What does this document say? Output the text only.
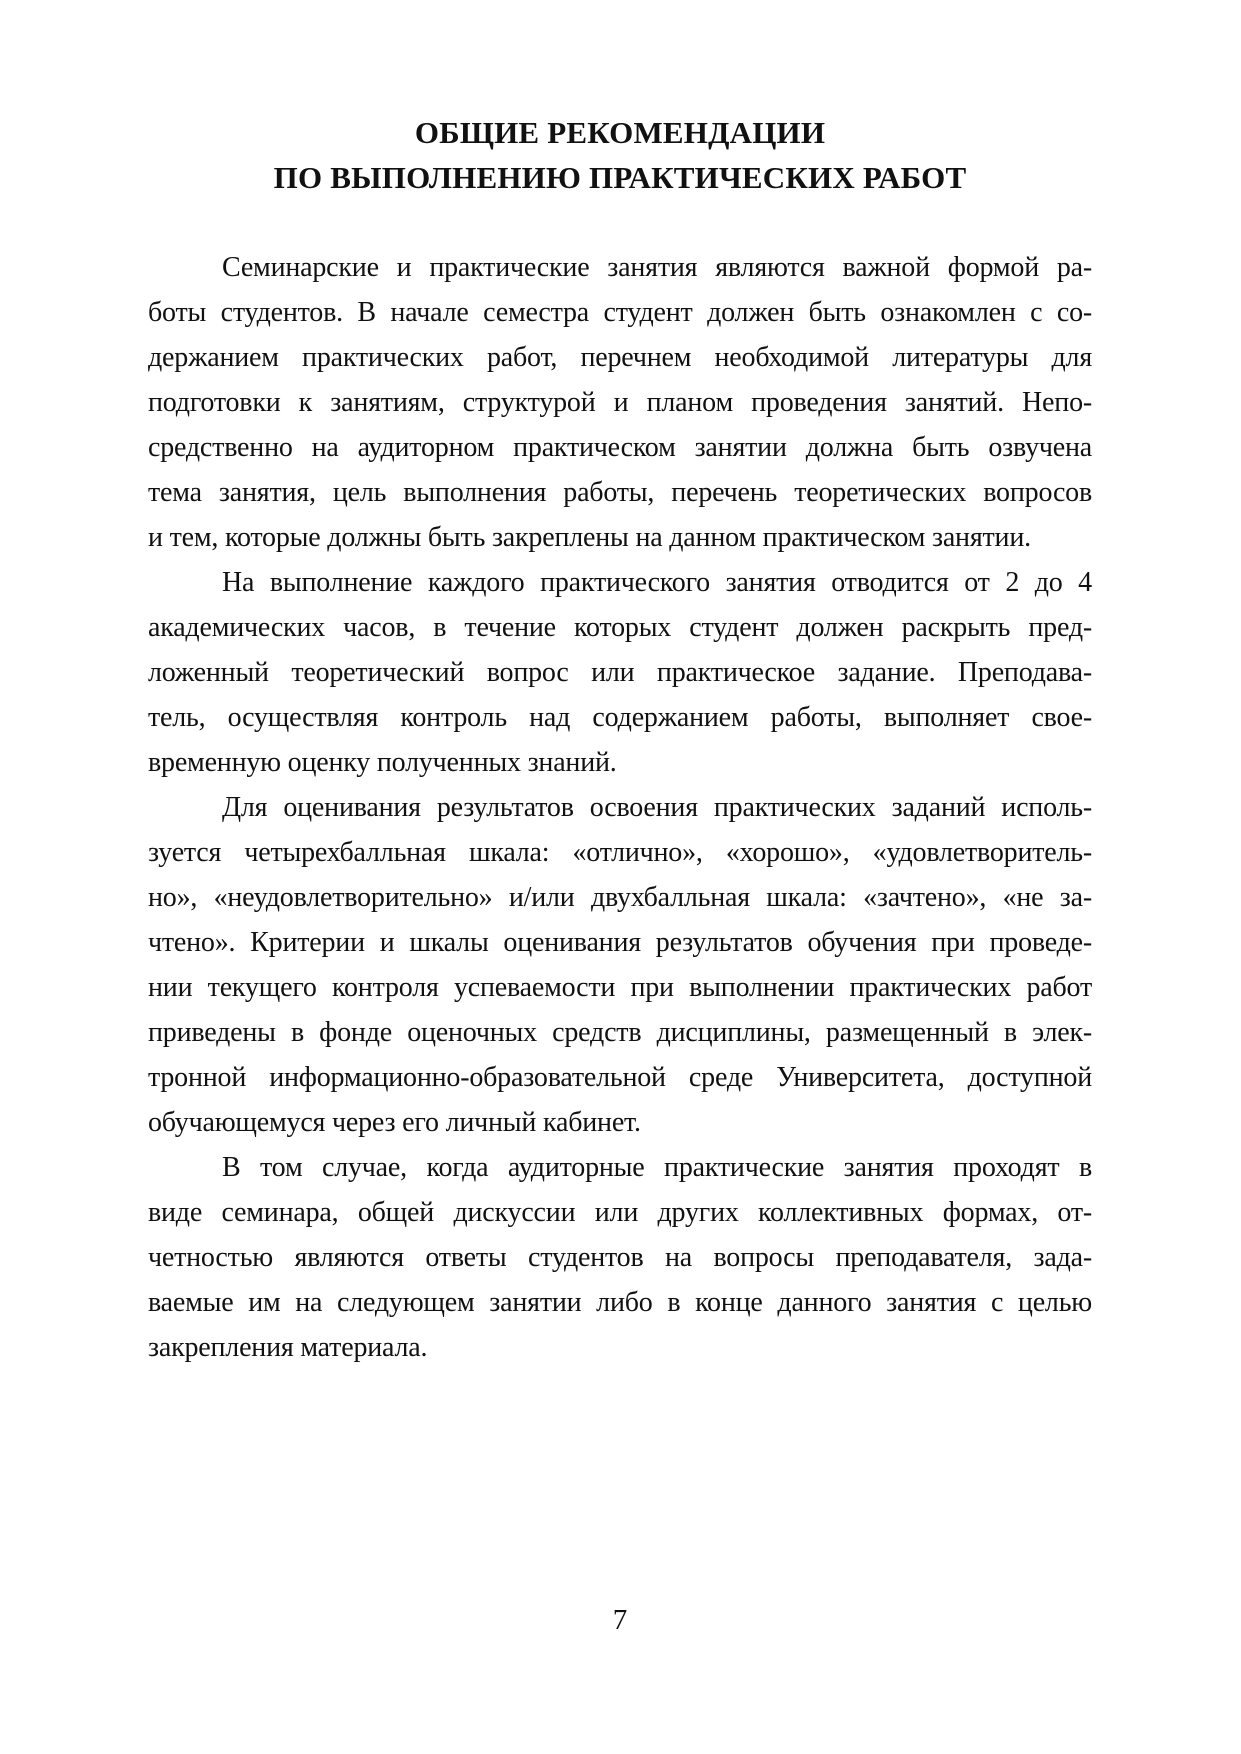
ОБЩИЕ РЕКОМЕНДАЦИИ
ПО ВЫПОЛНЕНИЮ ПРАКТИЧЕСКИХ РАБОТ
Семинарские и практические занятия являются важной формой ра-
боты студентов. В начале семестра студент должен быть ознакомлен с со-
держанием практических работ, перечнем необходимой литературы для
подготовки к занятиям, структурой и планом проведения занятий. Непо-
средственно на аудиторном практическом занятии должна быть озвучена
тема занятия, цель выполнения работы, перечень теоретических вопросов
и тем, которые должны быть закреплены на данном практическом занятии.
На выполнение каждого практического занятия отводится от 2 до 4
академических часов, в течение которых студент должен раскрыть пред-
ложенный теоретический вопрос или практическое задание. Преподава-
тель, осуществляя контроль над содержанием работы, выполняет свое-
временную оценку полученных знаний.
Для оценивания результатов освоения практических заданий исполь-
зуется четырехбалльная шкала: «отлично», «хорошо», «удовлетворитель-
но», «неудовлетворительно» и/или двухбалльная шкала: «зачтено», «не за-
чтено». Критерии и шкалы оценивания результатов обучения при проведе-
нии текущего контроля успеваемости при выполнении практических работ
приведены в фонде оценочных средств дисциплины, размещенный в элек-
тронной информационно-образовательной среде Университета, доступной
обучающемуся через его личный кабинет.
В том случае, когда аудиторные практические занятия проходят в
виде семинара, общей дискуссии или других коллективных формах, от-
четностью являются ответы студентов на вопросы преподавателя, зада-
ваемые им на следующем занятии либо в конце данного занятия с целью
закрепления материала.
7
